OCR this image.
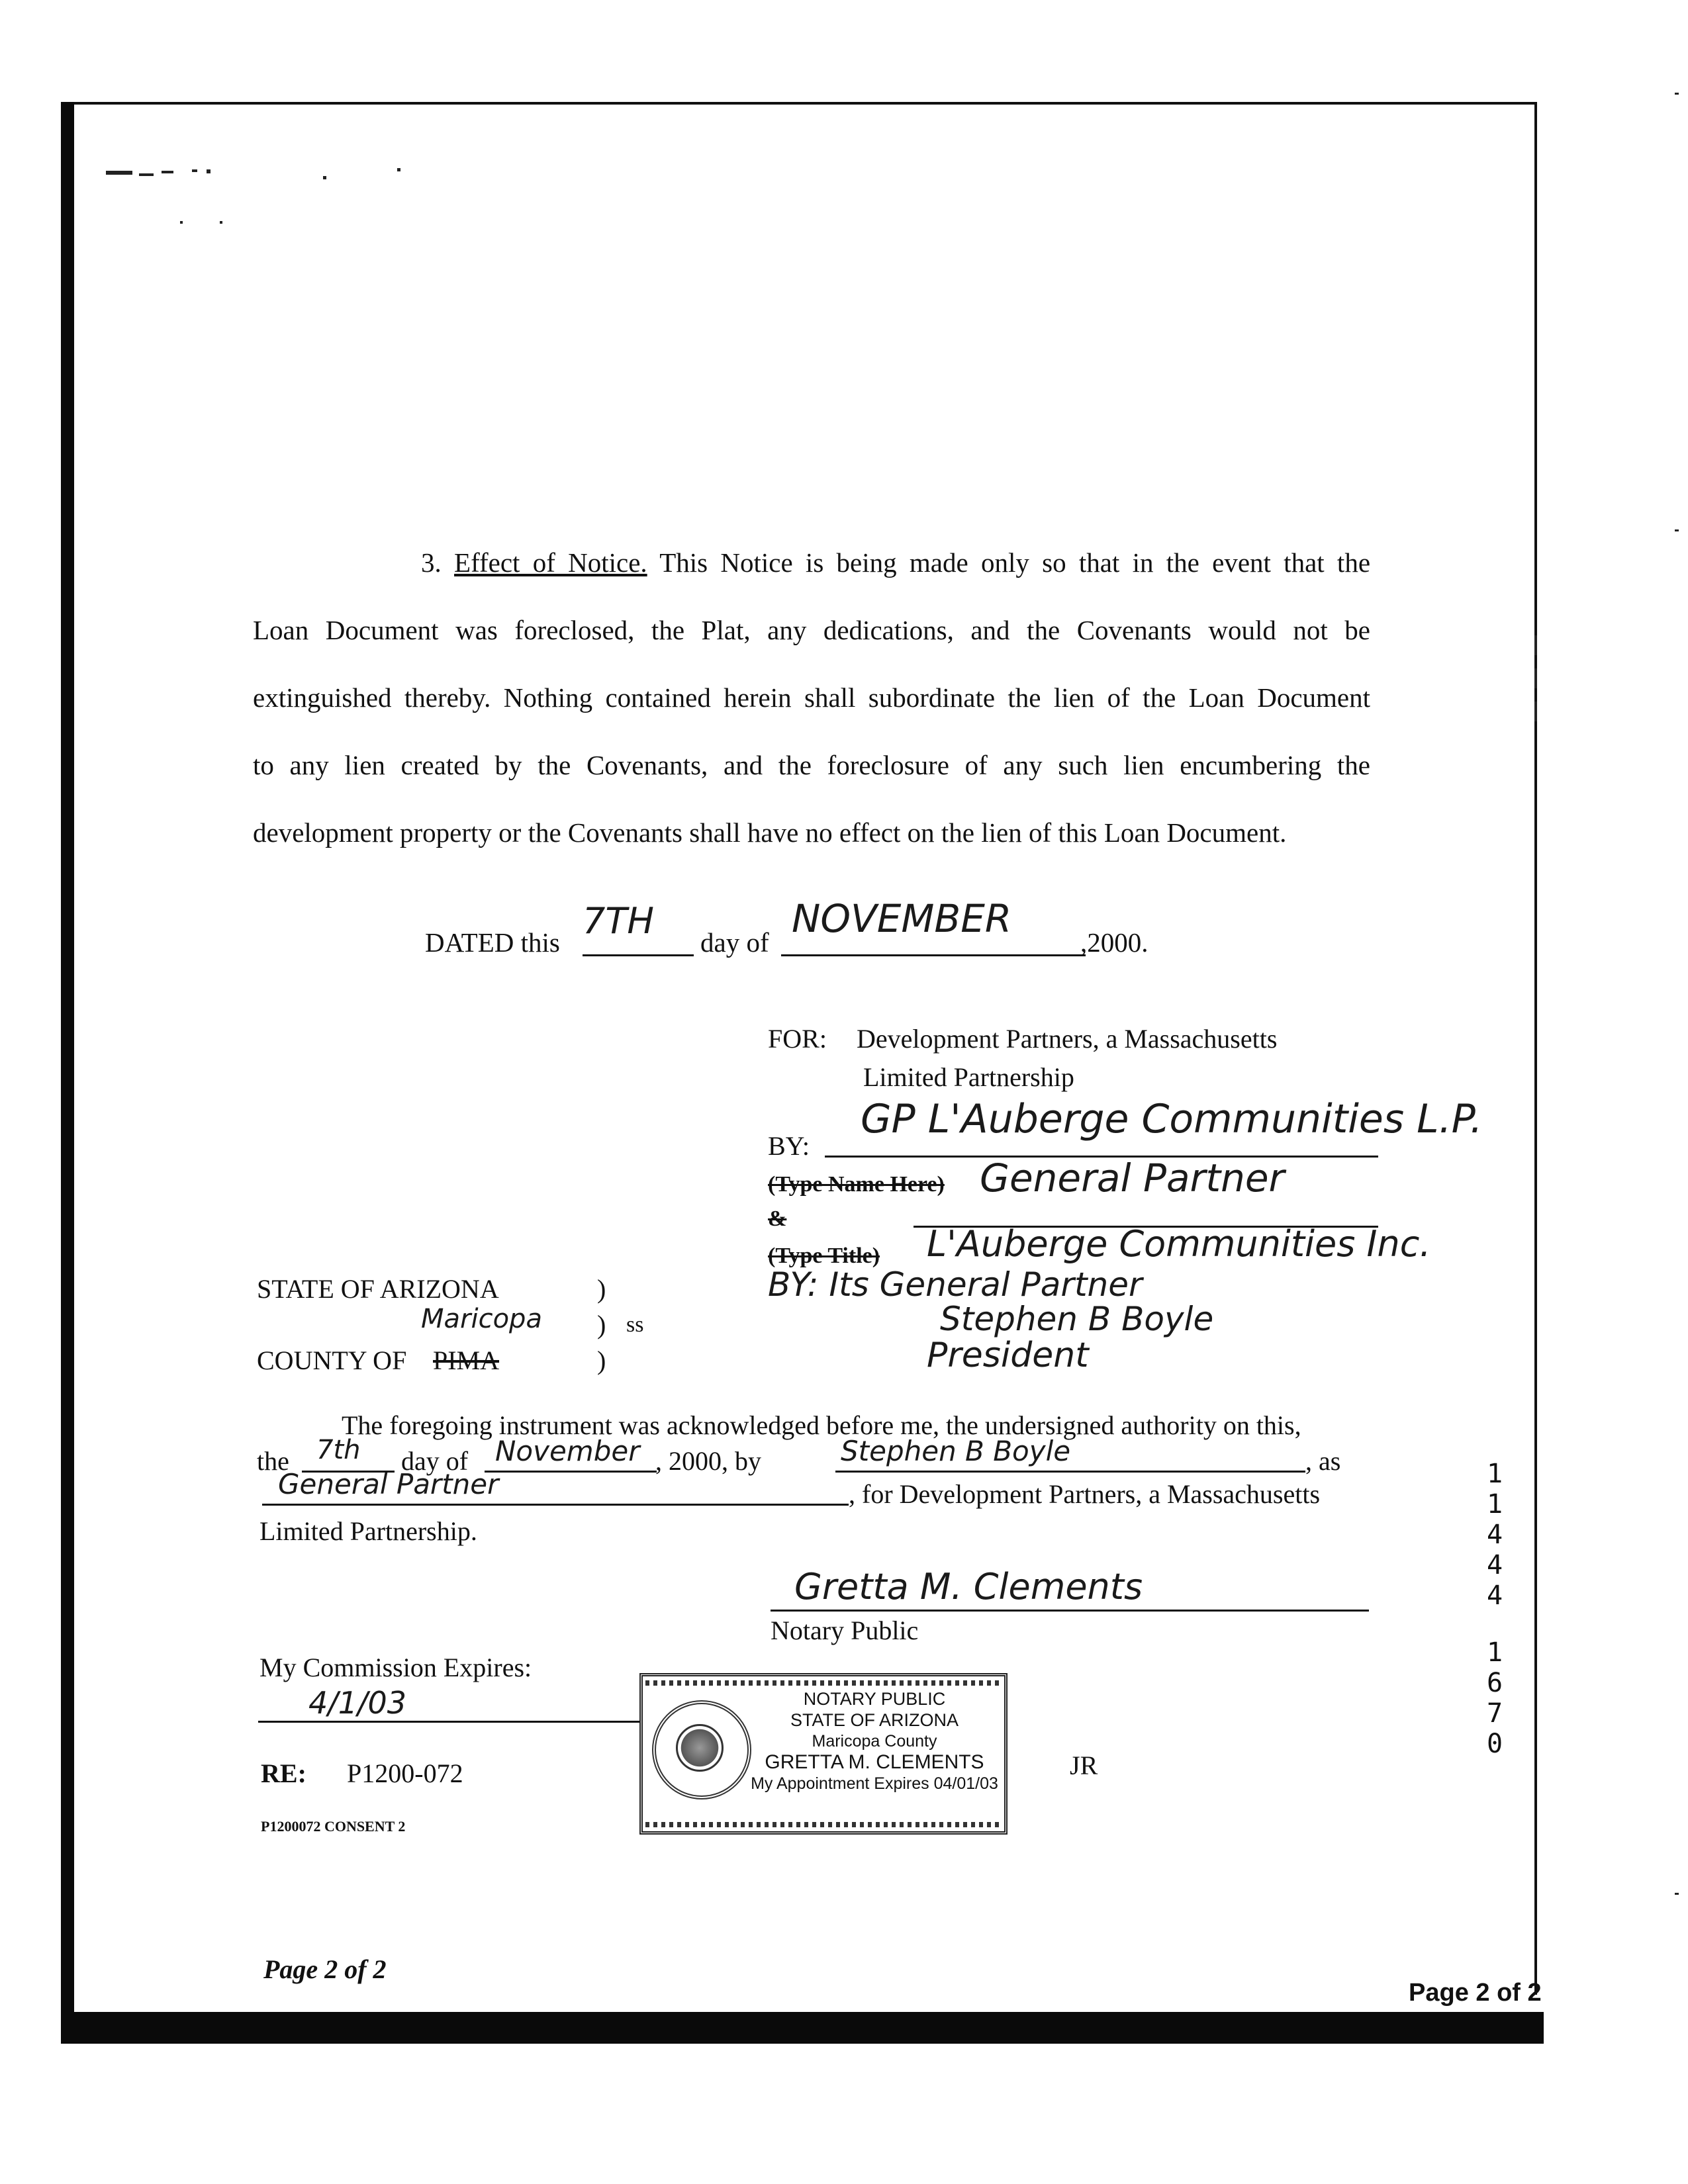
3. Effect of Notice. This Notice is being made only so that in the event that the
Loan Document was foreclosed, the Plat, any dedications, and the Covenants would not be
extinguished thereby. Nothing contained herein shall subordinate the lien of the Loan Document
to any lien created by the Covenants, and the foreclosure of any such lien encumbering the
development property or the Covenants shall have no effect on the lien of this Loan Document.
DATED this
7TH
day of
NOVEMBER
,2000.
FOR: Development Partners, a Massachusetts
Limited Partnership
BY:
GP L'Auberge Communities L.P.
(Type Name Here) General Partner
&
(Type Title) L'Auberge Communities Inc.
BY: Its General Partner
Stephen B Boyle
President
STATE OF ARIZONA	)
Maricopa ) ss
COUNTY OF PIMA	)
The foregoing instrument was acknowledged before me, the undersigned authority on this,
the 7th day of November , 2000, by	Stephen B Boyle	, as
General Partner	, for Development Partners, a Massachusetts
Limited Partnership.
Gretta M. Clements
Notary Public
My Commission Expires:
4/1/03	NOTARY PUBLIC
STATE OF ARIZONA
Maricopa County
GRETTA M. CLEMENTS
My Appointment Expires 04/01/03
RE: P1200-072	JR
P1200072 CONSENT 2
1
1
4
4
4
1
6
7
0
Page 2 of 2
Page 2 of 2
